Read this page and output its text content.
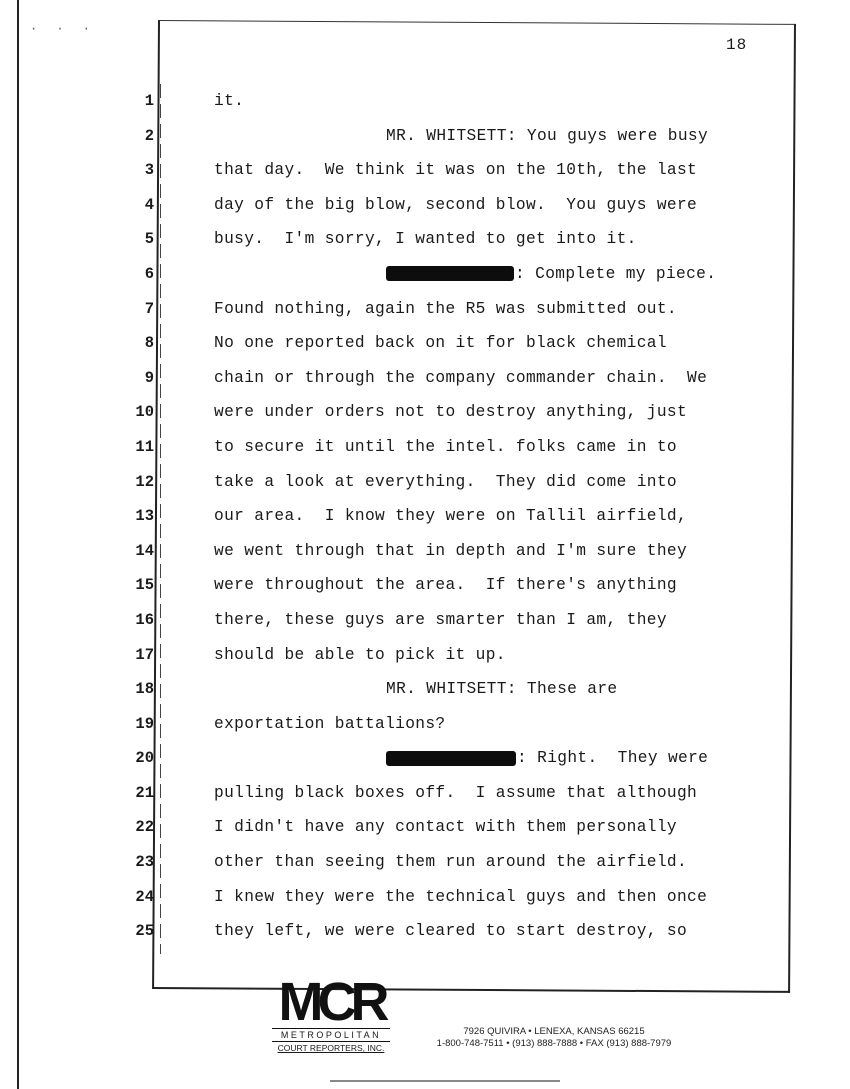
· · ·
18
1
2
3
4
5
6
7
8
9
10
11
12
13
14
15
16
17
18
19
20
21
22
23
24
25
it.
MR. WHITSETT: You guys were busy
that day.  We think it was on the 10th, the last
day of the big blow, second blow.  You guys were
busy.  I'm sorry, I wanted to get into it.
: Complete my piece.
Found nothing, again the R5 was submitted out.
No one reported back on it for black chemical
chain or through the company commander chain.  We
were under orders not to destroy anything, just
to secure it until the intel. folks came in to
take a look at everything.  They did come into
our area.  I know they were on Tallil airfield,
we went through that in depth and I'm sure they
were throughout the area.  If there's anything
there, these guys are smarter than I am, they
should be able to pick it up.
MR. WHITSETT: These are
exportation battalions?
: Right.  They were
pulling black boxes off.  I assume that although
I didn't have any contact with them personally
other than seeing them run around the airfield.
I knew they were the technical guys and then once
they left, we were cleared to start destroy, so
MCR
METROPOLITAN
COURT REPORTERS, INC.
7926 QUIVIRA • LENEXA, KANSAS 66215
1-800-748-7511 • (913) 888-7888 • FAX (913) 888-7979
